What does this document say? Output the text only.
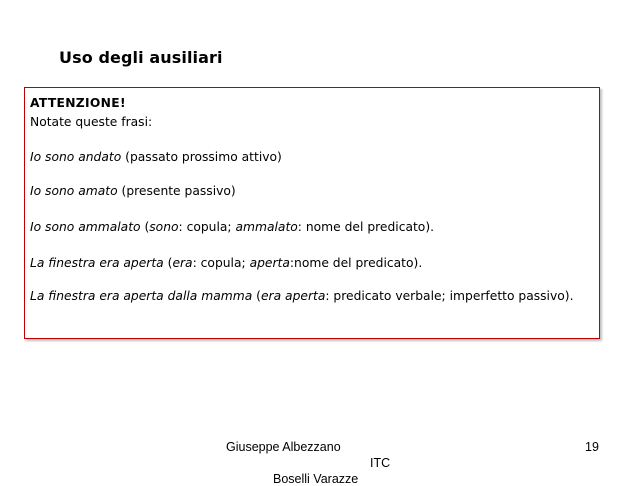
Uso degli ausiliari
ATTENZIONE!
Notate queste frasi:
Io sono andato (passato prossimo attivo)
Io sono amato (presente passivo)
Io sono ammalato (sono: copula; ammalato: nome del predicato).
La finestra era aperta (era: copula; aperta:nome del predicato).
La finestra era aperta dalla mamma (era aperta: predicato verbale; imperfetto passivo).
Giuseppe Albezzano
ITC
Boselli Varazze
19
